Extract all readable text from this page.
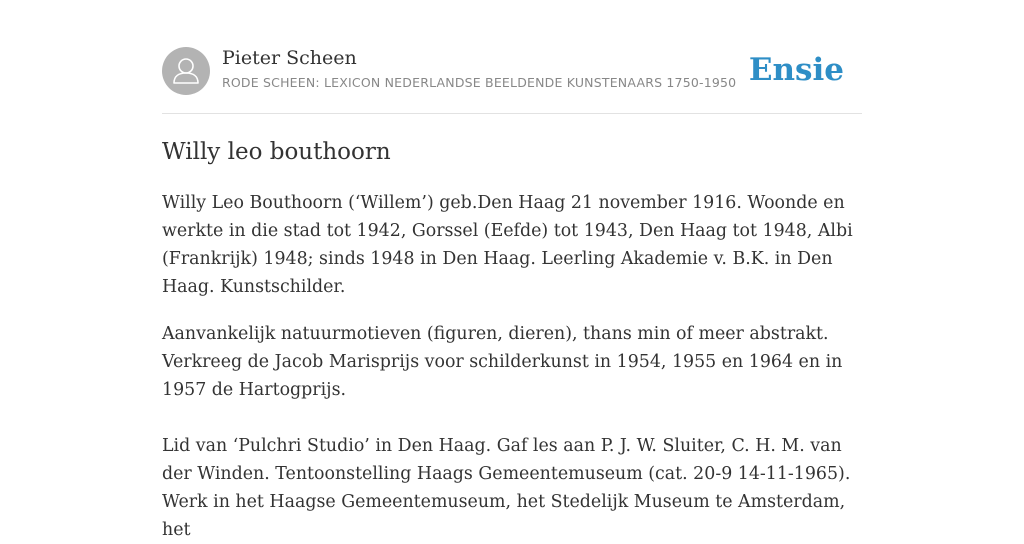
Pieter Scheen
RODE SCHEEN: LEXICON NEDERLANDSE BEELDENDE KUNSTENAARS 1750-1950 Ensie
Willy leo bouthoorn

Willy Leo Bouthoorn (‘Willem’) geb.Den Haag 21 november 1916. Woonde en werkte in die stad tot 1942, Gorssel (Eefde) tot 1943, Den Haag tot 1948, Albi (Frankrijk) 1948; sinds 1948 in Den Haag. Leerling Akademie v. B.K. in Den Haag. Kunstschilder.

Aanvankelijk natuurmotieven (figuren, dieren), thans min of meer abstrakt. Verkreeg de Jacob Marisprijs voor schilderkunst in 1954, 1955 en 1964 en in 1957 de Hartogprijs.

Lid van ‘Pulchri Studio’ in Den Haag. Gaf les aan P. J. W. Sluiter, C. H. M. van der Winden. Tentoonstelling Haags Gemeentemuseum (cat. 20-9 14-11-1965). Werk in het Haagse Gemeentemuseum, het Stedelijk Museum te Amsterdam, het
